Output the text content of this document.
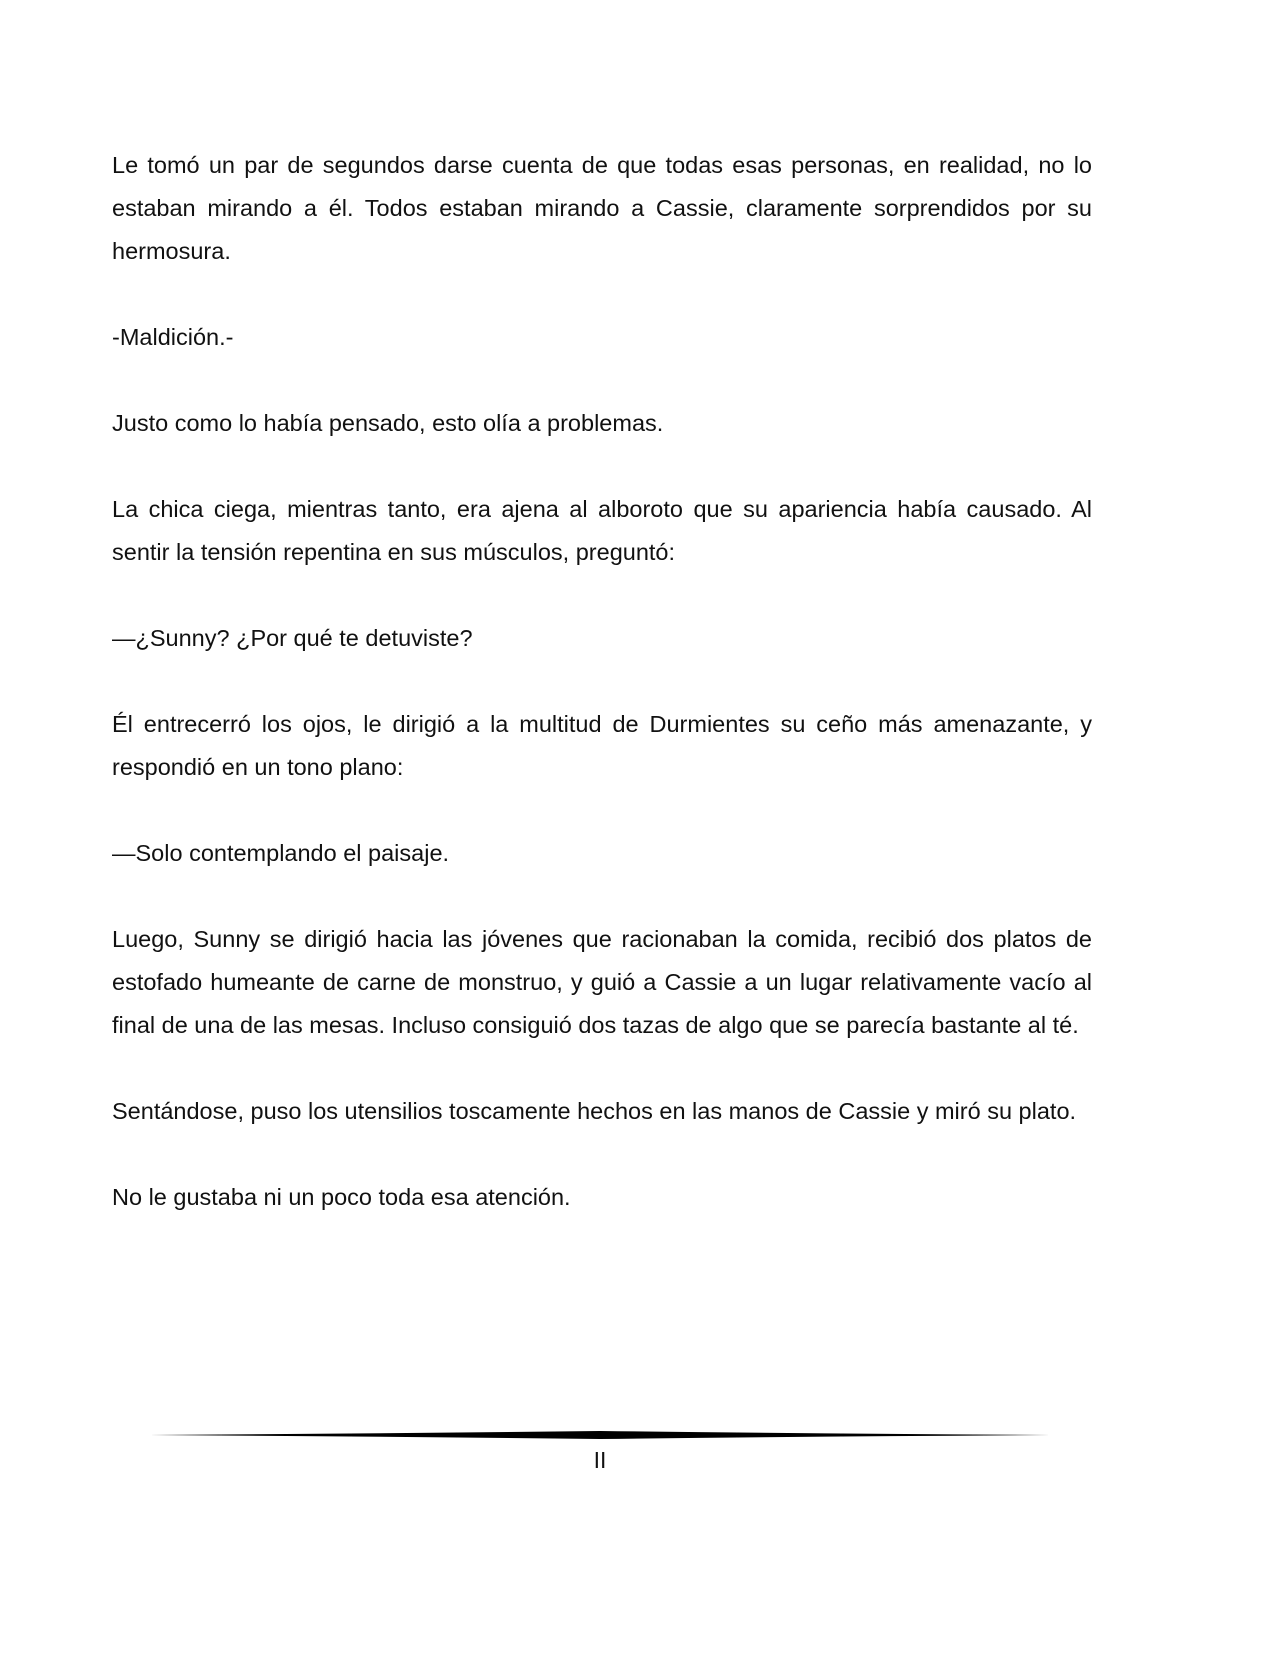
Le tomó un par de segundos darse cuenta de que todas esas personas, en realidad, no lo estaban mirando a él. Todos estaban mirando a Cassie, claramente sorprendidos por su hermosura.

-Maldición.-

Justo como lo había pensado, esto olía a problemas.

La chica ciega, mientras tanto, era ajena al alboroto que su apariencia había causado. Al sentir la tensión repentina en sus músculos, preguntó:

—¿Sunny? ¿Por qué te detuviste?

Él entrecerró los ojos, le dirigió a la multitud de Durmientes su ceño más amenazante, y respondió en un tono plano:

—Solo contemplando el paisaje.

Luego, Sunny se dirigió hacia las jóvenes que racionaban la comida, recibió dos platos de estofado humeante de carne de monstruo, y guió a Cassie a un lugar relativamente vacío al final de una de las mesas. Incluso consiguió dos tazas de algo que se parecía bastante al té.

Sentándose, puso los utensilios toscamente hechos en las manos de Cassie y miró su plato.

No le gustaba ni un poco toda esa atención.

II
